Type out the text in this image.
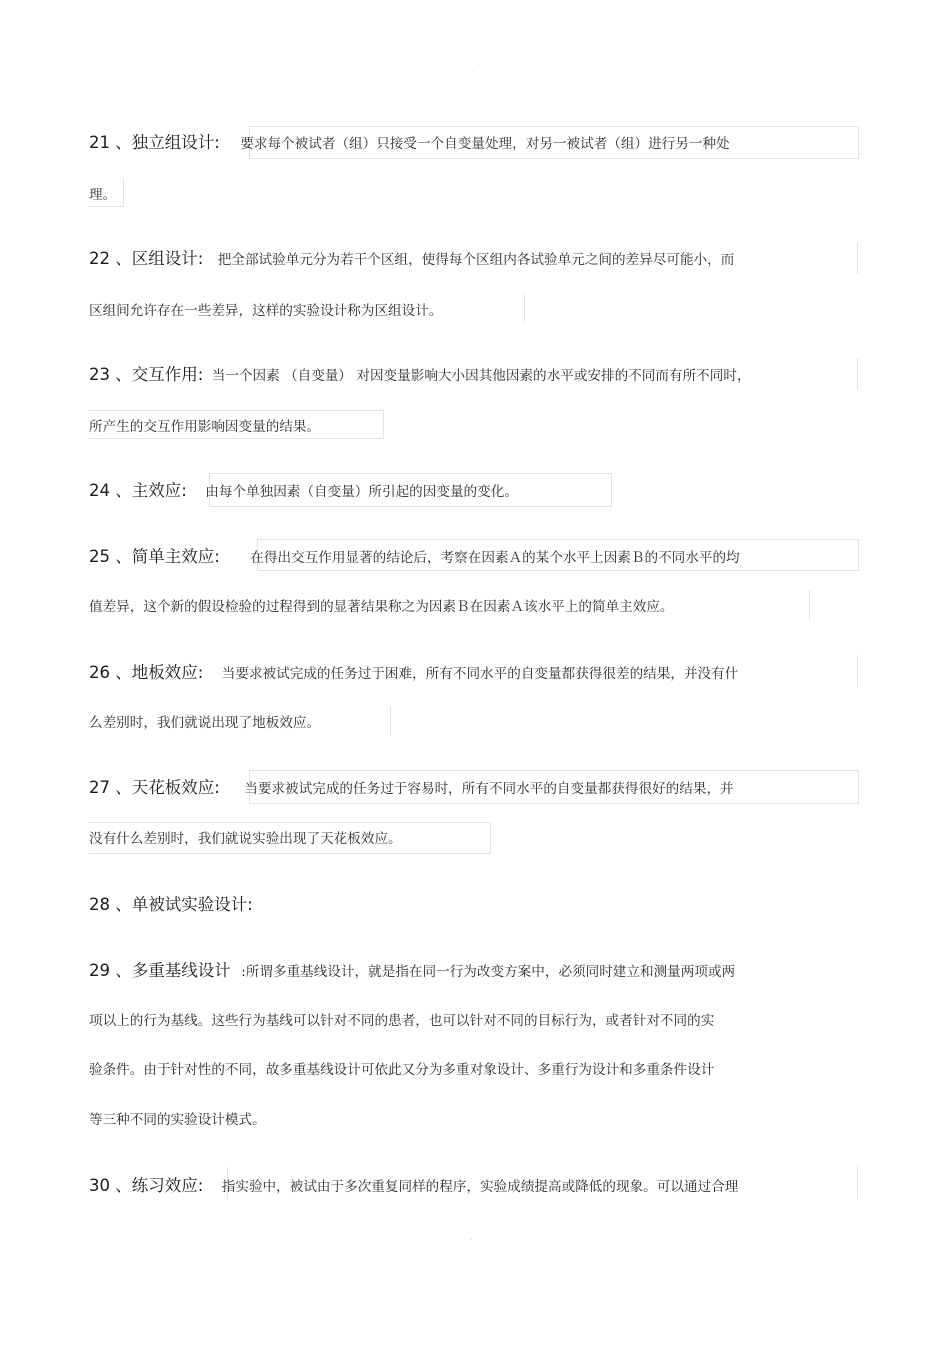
·
21 、独立组设计: 要求每个被试者（组）只接受一个自变量处理，对另一被试者（组）进行另一种处
理。
22 、区组设计: 把全部试验单元分为若干个区组，使得每个区组内各试验单元之间的差异尽可能小，而
区组间允许存在一些差异，这样的实验设计称为区组设计。
23 、交互作用: 当一个因素 （自变量） 对因变量影响大小因其他因素的水平或安排的不同而有所不同时，
所产生的交互作用影响因变量的结果。
24 、主效应: 由每个单独因素（自变量）所引起的因变量的变化。
25 、简单主效应: 在得出交互作用显著的结论后，考察在因素Ａ的某个水平上因素Ｂ的不同水平的均
值差异，这个新的假设检验的过程得到的显著结果称之为因素Ｂ在因素Ａ该水平上的简单主效应。
26 、地板效应: 当要求被试完成的任务过于困难，所有不同水平的自变量都获得很差的结果，并没有什
么差别时，我们就说出现了地板效应。
27 、天花板效应: 当要求被试完成的任务过于容易时，所有不同水平的自变量都获得很好的结果，并
没有什么差别时，我们就说实验出现了天花板效应。
28 、单被试实验设计:
29 、多重基线设计 :所谓多重基线设计，就是指在同一行为改变方案中，必须同时建立和测量两项或两
项以上的行为基线。这些行为基线可以针对不同的患者，也可以针对不同的目标行为，或者针对不同的实
验条件。由于针对性的不同，故多重基线设计可依此又分为多重对象设计、多重行为设计和多重条件设计
等三种不同的实验设计模式。
30 、练习效应: 指实验中，被试由于多次重复同样的程序，实验成绩提高或降低的现象。可以通过合理
-
